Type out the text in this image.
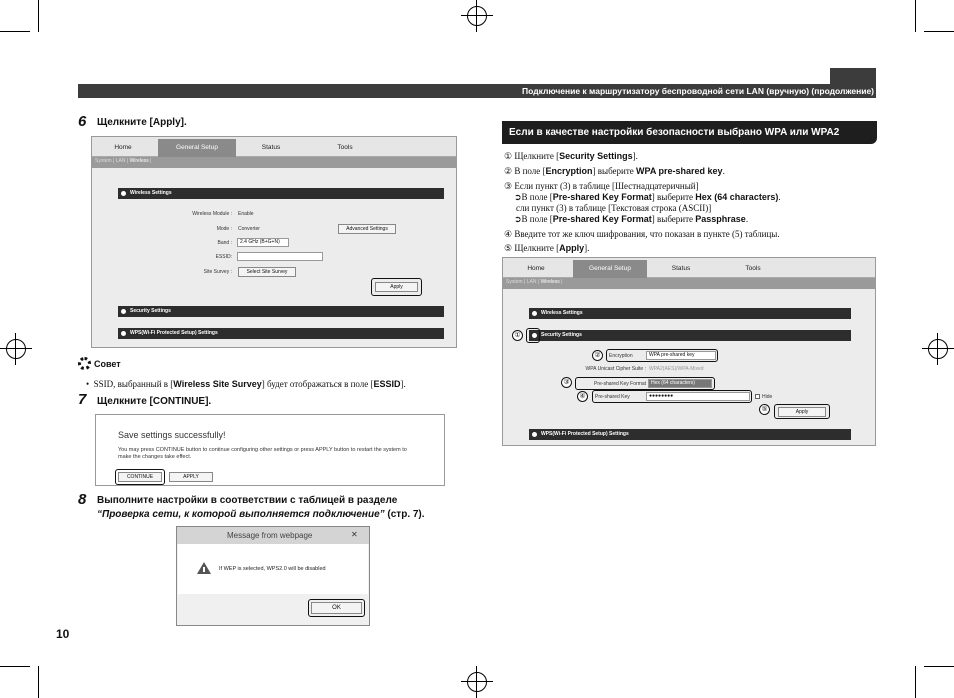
Подключение к маршрутизатору беспроводной сети LAN (вручную) (продолжение)
6 Щелкните [Apply].
Home	General Setup	Status	Tools
System | LAN | Wireless |
Wireless Settings
Wireless Module : Enable
Mode : Converter	Advanced Settings
Band :	2.4 GHz (B+G+N)
ESSID:
Site Survey :	Select Site Survey
Apply
Security Settings
WPS(Wi-Fi Protected Setup) Settings
Совет
•  SSID, выбранный в [Wireless Site Survey] будет отображаться в поле [ESSID].
7 Щелкните [CONTINUE].
Save settings successfully!
You may press CONTINUE button to continue configuring other settings or press APPLY button to restart the system to make the changes take effect.
CONTINUE	APPLY
8 Выполните настройки в соответствии с таблицей в разделе
“Проверка сети, к которой выполняется подключение” (стр. 7).
Message from webpage	✕
If WEP is selected, WPS2.0 will be disabled
OK
10
Если в качестве настройки безопасности выбрано WPA или WPA2
① Щелкните [Security Settings].
② В поле [Encryption] выберите WPA pre-shared key.
③ Если пункт (3) в таблице [Шестнадцатеричный]
➲В поле [Pre-shared Key Format] выберите Hex (64 characters).
сли пункт (3) в таблице [Текстовая строка (ASCII)]
➲В поле [Pre-shared Key Format] выберите Passphrase.
④ Введите тот же ключ шифрования, что показан в пункте (5) таблицы.
⑤ Щелкните [Apply].
Home	General Setup	Status	Tools
System | LAN | Wireless |
Wireless Settings
Security Settings
①
②	Encryption	WPA pre-shared key
WPA Unicast Cipher Suite : WPA2(AES)/WPA-Mixed
③	Pre-shared Key Format	Hex (64 characters)
④	Pre-shared Key	●●●●●●●●	Hide
⑤	Apply
WPS(Wi-Fi Protected Setup) Settings
